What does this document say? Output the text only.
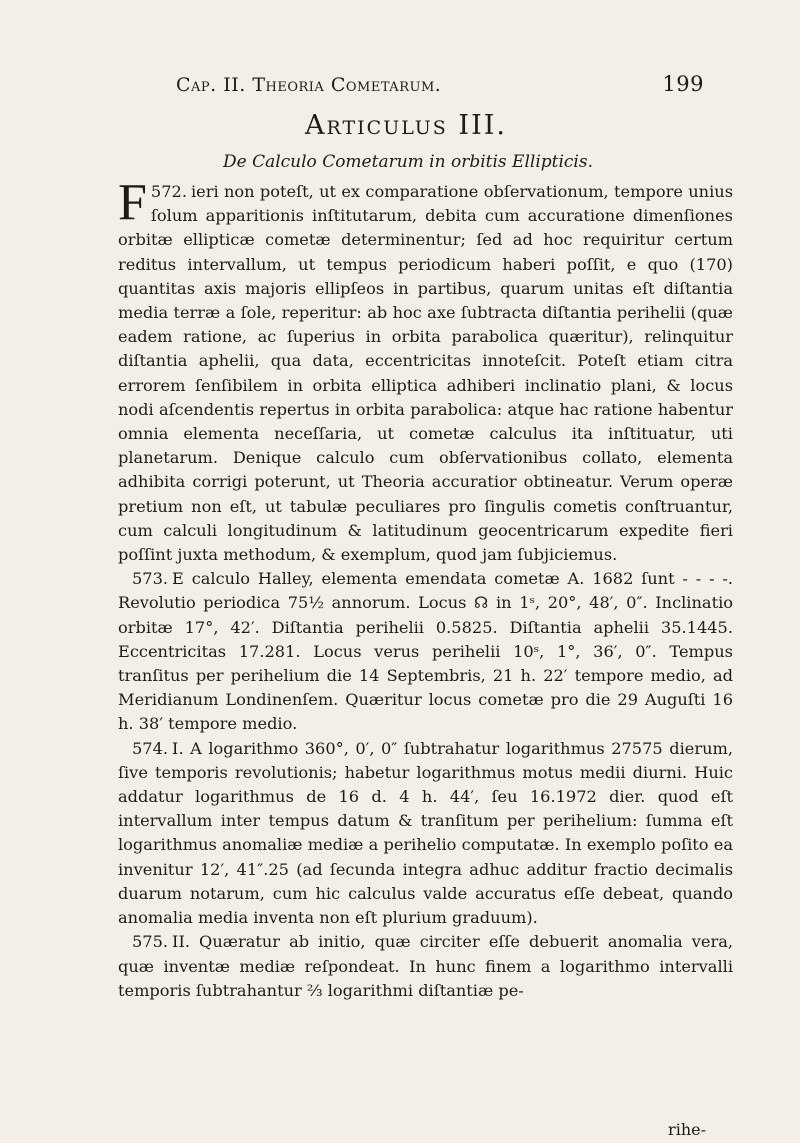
Cap. II. Theoria Cometarum.	199
Articulus III.
De Calculo Cometarum in orbitis Ellipticis.

572.
F	ieri non poteſt, ut ex comparatione obſervationum, tempore unius ſolum apparitionis inſtitutarum, debita cum accuratione dimenſiones orbitæ ellipticæ cometæ determinentur; ſed ad hoc requiritur certum reditus intervallum, ut tempus periodicum haberi poſſit, e quo (170) quantitas axis majoris ellipſeos in partibus, quarum unitas eſt diſtantia media terræ a ſole, reperitur: ab hoc axe ſubtracta diſtantia perihelii (quæ eadem ratione, ac ſuperius in orbita parabolica quæritur), relinquitur diſtantia aphelii, qua data, eccentricitas innoteſcit. Poteſt etiam citra errorem ſenſibilem in orbita elliptica adhiberi inclinatio plani, & locus nodi aſcendentis repertus in orbita parabolica: atque hac ratione habentur omnia elementa neceſſaria, ut cometæ calculus ita inſtituatur, uti planetarum. Denique calculo cum obſervationibus collato, elementa adhibita corrigi poterunt, ut Theoria accuratior obtineatur. Verum operæ pretium non eſt, ut tabulæ peculiares pro ſingulis cometis conſtruantur, cum calculi longitudinum & latitudinum geocentricarum expedite fieri poſſint juxta methodum, & exemplum, quod jam ſubjiciemus.

573. E calculo Halley, elementa emendata cometæ A. 1682 ſunt - - - -. Revolutio periodica 75½ annorum. Locus ☊ in 1ˢ, 20°, 48′, 0″. Inclinatio orbitæ 17°, 42′. Diſtantia perihelii 0.5825. Diſtantia aphelii 35.1445. Eccentricitas 17.281. Locus verus perihelii 10ˢ, 1°, 36′, 0″. Tempus tranſitus per perihelium die 14 Septembris, 21 h. 22′ tempore medio, ad Meridianum Londinenſem. Quæritur locus cometæ pro die 29 Auguſti 16 h. 38′ tempore medio.

574. I. A logarithmo 360°, 0′, 0″ ſubtrahatur logarithmus 27575 dierum, ſive temporis revolutionis; habetur logarithmus motus medii diurni. Huic addatur logarithmus de 16 d. 4 h. 44′, ſeu 16.1972 dier. quod eſt intervallum inter tempus datum & tranſitum per perihelium: ſumma eſt logarithmus anomaliæ mediæ a perihelio computatæ. In exemplo poſito ea invenitur 12′, 41″.25 (ad ſecunda integra adhuc additur fractio decimalis duarum notarum, cum hic calculus valde accuratus eſſe debeat, quando anomalia media inventa non eſt plurium graduum).

575. II. Quæratur ab initio, quæ circiter eſſe debuerit anomalia vera, quæ inventæ mediæ reſpondeat. In hunc finem a logarithmo intervalli temporis ſubtrahantur ⅔ logarithmi diſtantiæ pe-

rihe-
